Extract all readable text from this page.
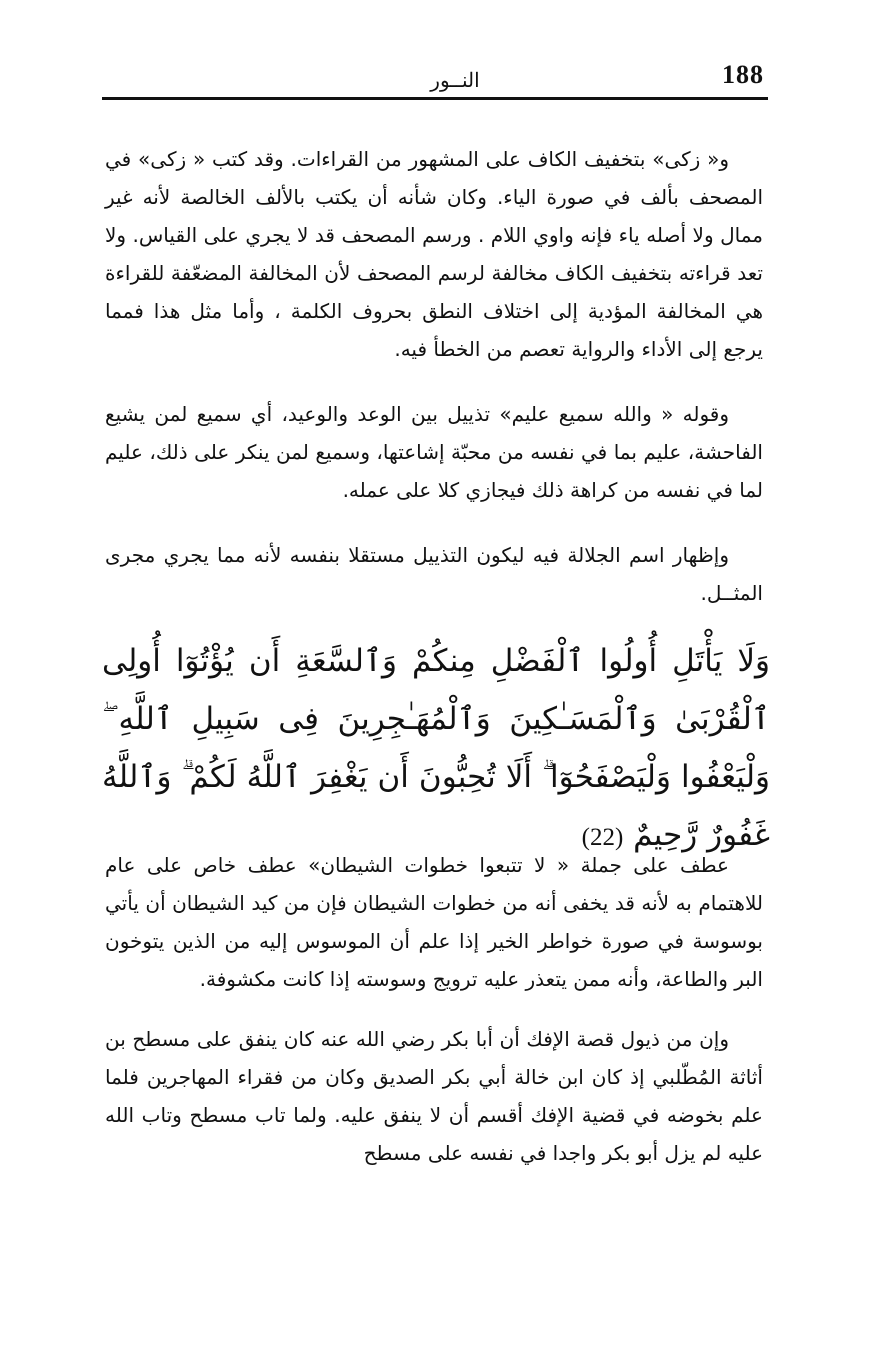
188
النــور

و« زكى» بتخفيف الكاف على المشهور من القراءات. وقد كتب « زكى» في المصحف بألف في صورة الياء. وكان شأنه أن يكتب بالألف الخالصة لأنه غير ممال ولا أصله ياء فإنه واوي اللام . ورسم المصحف قد لا يجري على القياس. ولا تعد قراءته بتخفيف الكاف مخالفة لرسم المصحف لأن المخالفة المضعّفة للقراءة هي المخالفة المؤدية إلى اختلاف النطق بحروف الكلمة ، وأما مثل هذا فمما يرجع إلى الأداء والرواية تعصم من الخطأ فيه.

وقوله « والله سميع عليم» تذييل بين الوعد والوعيد، أي سميع لمن يشيع الفاحشة، عليم بما في نفسه من محبّة إشاعتها، وسميع لمن ينكر على ذلك، عليم لما في نفسه من كراهة ذلك فيجازي كلا على عمله.

وإظهار اسم الجلالة فيه ليكون التذييل مستقلا بنفسه لأنه مما يجري مجرى المثــل.

وَلَا يَأْتَلِ أُولُوا ٱلْفَضْلِ مِنكُمْ وَٱلسَّعَةِ أَن يُؤْتُوٓا أُولِى ٱلْقُرْبَىٰ وَٱلْمَسَـٰكِينَ وَٱلْمُهَـٰجِرِينَ فِى سَبِيلِ ٱللَّهِ ۖ وَلْيَعْفُوا وَلْيَصْفَحُوٓا ۗ أَلَا تُحِبُّونَ أَن يَغْفِرَ ٱللَّهُ لَكُمْ ۗ وَٱللَّهُ غَفُورٌ رَّحِيمٌ (22)

عطف على جملة « لا تتبعوا خطوات الشيطان» عطف خاص على عام للاهتمام به لأنه قد يخفى أنه من خطوات الشيطان فإن من كيد الشيطان أن يأتي بوسوسة في صورة خواطر الخير إذا علم أن الموسوس إليه من الذين يتوخون البر والطاعة، وأنه ممن يتعذر عليه ترويج وسوسته إذا كانت مكشوفة.

وإن من ذيول قصة الإفك أن أبا بكر رضي الله عنه كان ينفق على مسطح بن أثاثة المُطّلبي إذ كان ابن خالة أبي بكر الصديق وكان من فقراء المهاجرين فلما علم بخوضه في قضية الإفك أقسم أن لا ينفق عليه. ولما تاب مسطح وتاب الله عليه لم يزل أبو بكر واجدا في نفسه على مسطح
